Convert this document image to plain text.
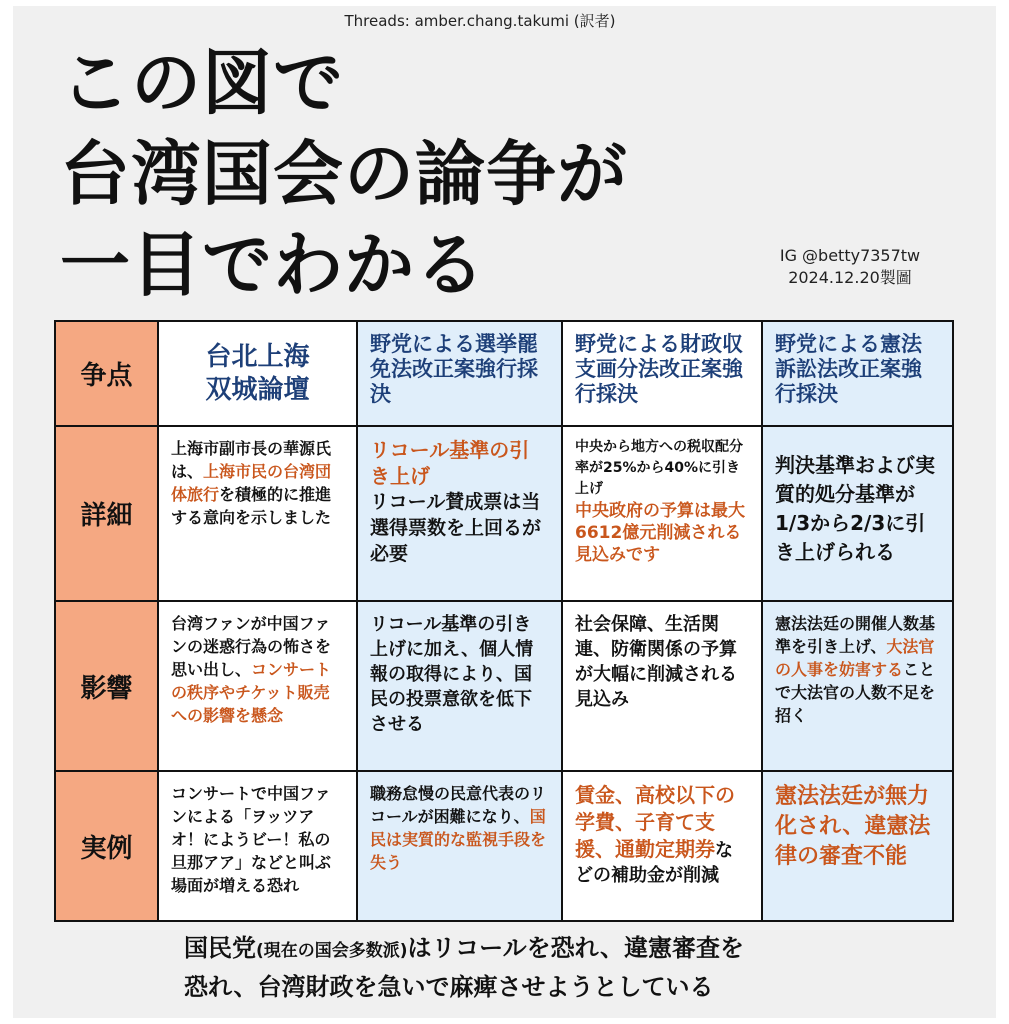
Threads: amber.chang.takumi (訳者)
この図で
台湾国会の論争が
一目でわかる	IG @betty7357tw
2024.12.20製圖
争点
台北上海
双城論壇
野党による選挙罷免法改正案強行採決
野党による財政収支画分法改正案強行採決
野党による憲法訴訟法改正案強行採決
詳細
上海市副市長の華源氏は、上海市民の台湾団体旅行を積極的に推進する意向を示しました
リコール基準の引き上げ
リコール賛成票は当選得票数を上回るが必要
中央から地方への税収配分率が25%から40%に引き上げ
中央政府の予算は最大6612億元削減される見込みです
判決基準および実質的処分基準が1/3から2/3に引き上げられる
影響
台湾ファンが中国ファンの迷惑行為の怖さを思い出し、コンサートの秩序やチケット販売への影響を懸念
リコール基準の引き上げに加え、個人情報の取得により、国民の投票意欲を低下させる
社会保障、生活関連、防衛関係の予算が大幅に削減される見込み
憲法法廷の開催人数基準を引き上げ、大法官の人事を妨害することで大法官の人数不足を招く
実例
コンサートで中国ファンによる「ヲッツアオ！にようビー！私の旦那アア」などと叫ぶ場面が増える恐れ
職務怠慢の民意代表のリコールが困難になり、国民は実質的な監視手段を失う
賃金、高校以下の学費、子育て支援、通勤定期券などの補助金が削減
憲法法廷が無力化され、違憲法律の審査不能
国民党(現在の国会多数派)はリコールを恐れ、違憲審査を
恐れ、台湾財政を急いで麻痺させようとしている
